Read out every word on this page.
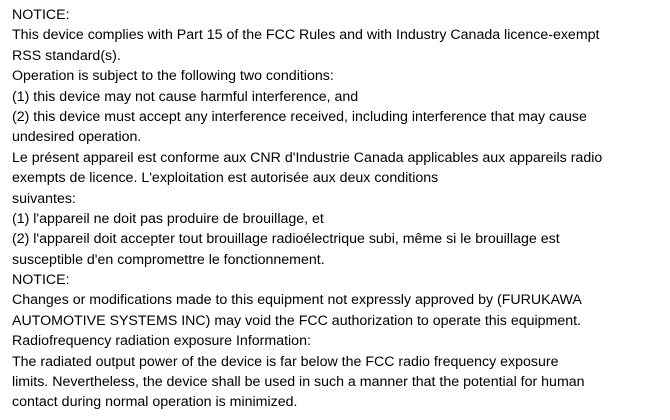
NOTICE:
This device complies with Part 15 of the FCC Rules and with Industry Canada licence-exempt
RSS standard(s).
Operation is subject to the following two conditions:
(1) this device may not cause harmful interference, and
(2) this device must accept any interference received, including interference that may cause
undesired operation.
Le présent appareil est conforme aux CNR d'Industrie Canada applicables aux appareils radio
exempts de licence. L'exploitation est autorisée aux deux conditions
suivantes:
(1) l'appareil ne doit pas produire de brouillage, et
(2) l'appareil doit accepter tout brouillage radioélectrique subi, même si le brouillage est
susceptible d'en compromettre le fonctionnement.
NOTICE:
Changes or modifications made to this equipment not expressly approved by (FURUKAWA
AUTOMOTIVE SYSTEMS INC) may void the FCC authorization to operate this equipment.
Radiofrequency radiation exposure Information:
The radiated output power of the device is far below the FCC radio frequency exposure
limits. Nevertheless, the device shall be used in such a manner that the potential for human
contact during normal operation is minimized.
